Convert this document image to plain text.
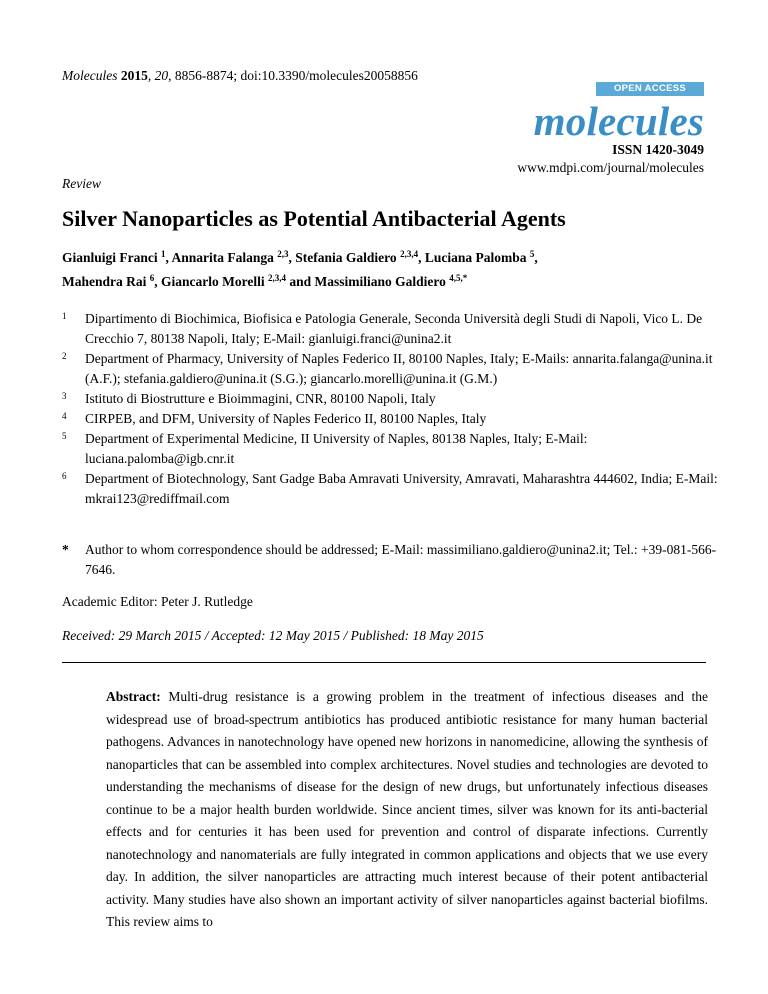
Molecules 2015, 20, 8856-8874; doi:10.3390/molecules20058856
OPEN ACCESS
molecules
ISSN 1420-3049
www.mdpi.com/journal/molecules
Review
Silver Nanoparticles as Potential Antibacterial Agents
Gianluigi Franci $^1$, Annarita Falanga $^{2,3}$, Stefania Galdiero $^{2,3,4}$, Luciana Palomba $^5$,
Mahendra Rai $^6$, Giancarlo Morelli $^{2,3,4}$ and Massimiliano Galdiero $^{4,5,*}$
1 Dipartimento di Biochimica, Biofisica e Patologia Generale, Seconda Università degli Studi di Napoli, Vico L. De Crecchio 7, 80138 Napoli, Italy; E-Mail: gianluigi.franci@unina2.it
2 Department of Pharmacy, University of Naples Federico II, 80100 Naples, Italy; E-Mails: annarita.falanga@unina.it (A.F.); stefania.galdiero@unina.it (S.G.); giancarlo.morelli@unina.it (G.M.)
3 Istituto di Biostrutture e Bioimmagini, CNR, 80100 Napoli, Italy
4 CIRPEB, and DFM, University of Naples Federico II, 80100 Naples, Italy
5 Department of Experimental Medicine, II University of Naples, 80138 Naples, Italy; E-Mail: luciana.palomba@igb.cnr.it
6 Department of Biotechnology, Sant Gadge Baba Amravati University, Amravati, Maharashtra 444602, India; E-Mail: mkrai123@rediffmail.com
* Author to whom correspondence should be addressed; E-Mail: massimiliano.galdiero@unina2.it; Tel.: +39-081-566-7646.
Academic Editor: Peter J. Rutledge
Received: 29 March 2015 / Accepted: 12 May 2015 / Published: 18 May 2015
Abstract: Multi-drug resistance is a growing problem in the treatment of infectious diseases and the widespread use of broad-spectrum antibiotics has produced antibiotic resistance for many human bacterial pathogens. Advances in nanotechnology have opened new horizons in nanomedicine, allowing the synthesis of nanoparticles that can be assembled into complex architectures. Novel studies and technologies are devoted to understanding the mechanisms of disease for the design of new drugs, but unfortunately infectious diseases continue to be a major health burden worldwide. Since ancient times, silver was known for its anti-bacterial effects and for centuries it has been used for prevention and control of disparate infections. Currently nanotechnology and nanomaterials are fully integrated in common applications and objects that we use every day. In addition, the silver nanoparticles are attracting much interest because of their potent antibacterial activity. Many studies have also shown an important activity of silver nanoparticles against bacterial biofilms. This review aims to
